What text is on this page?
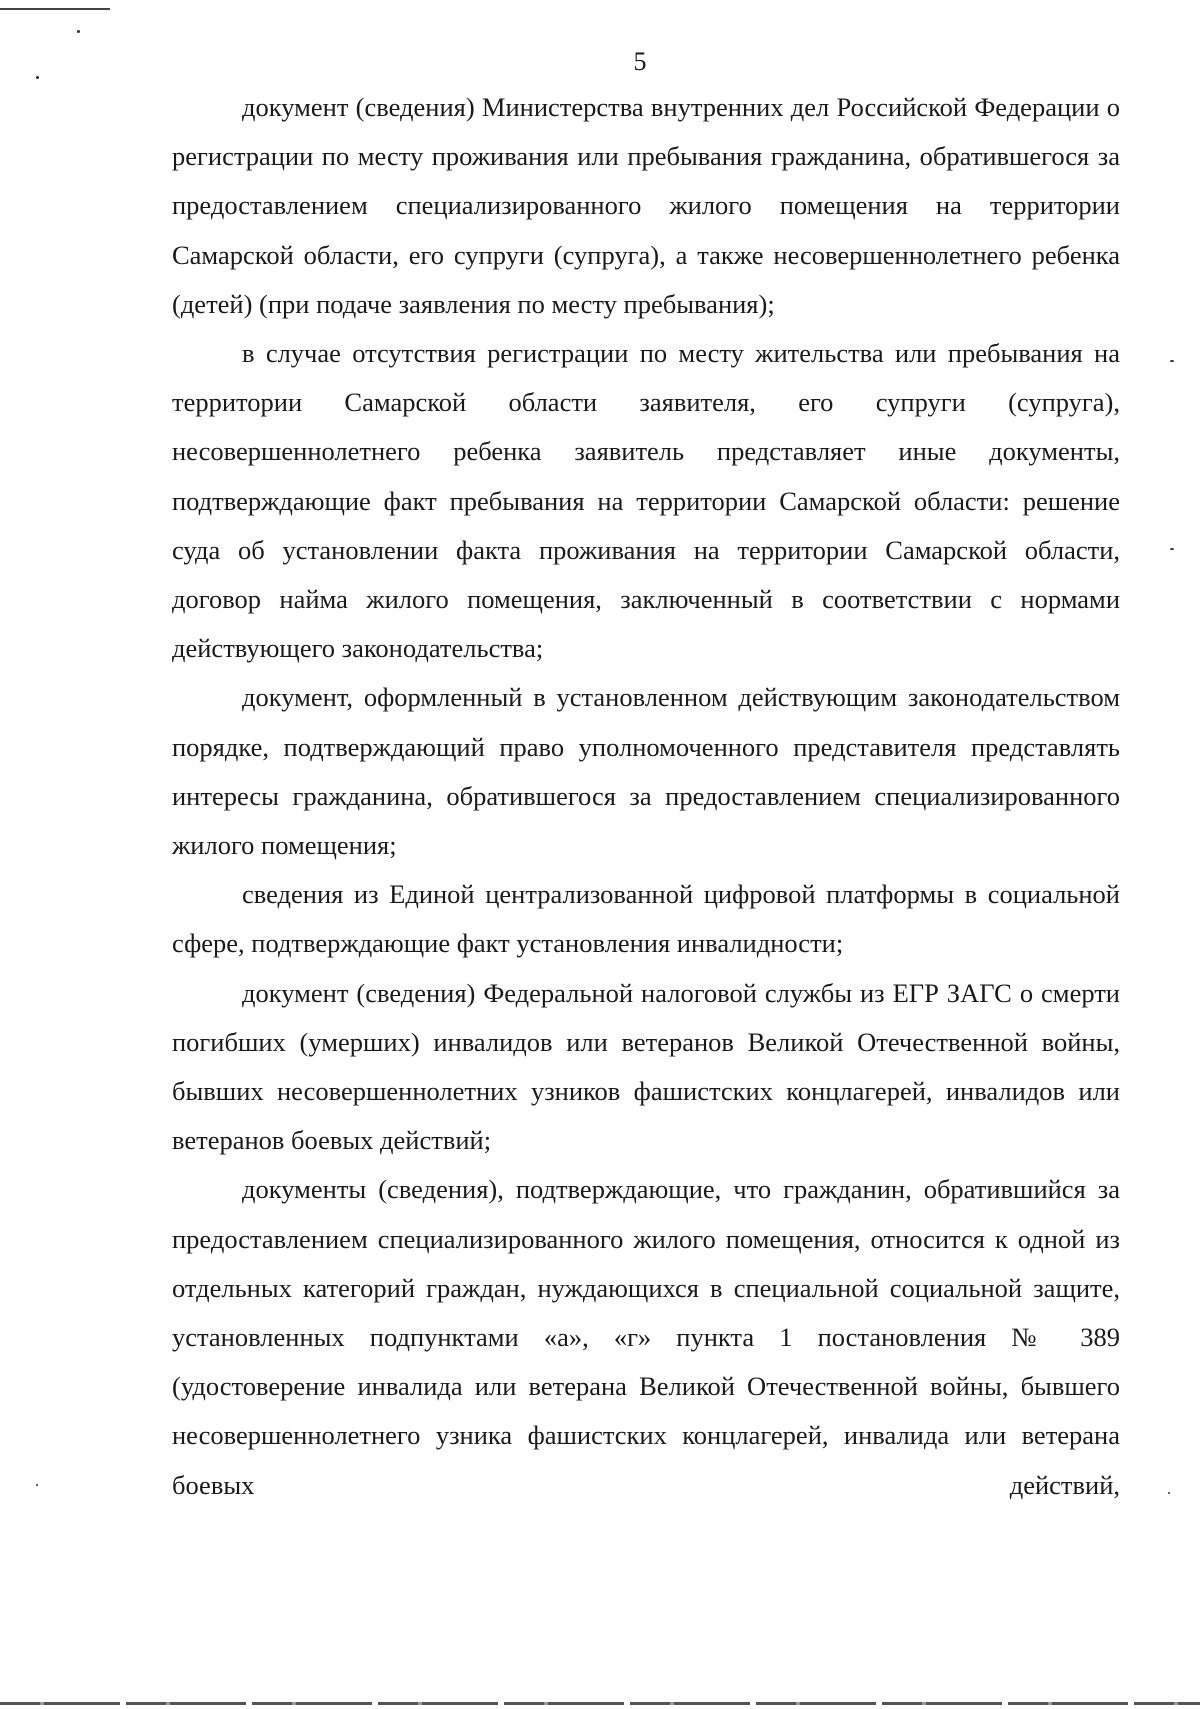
5

документ (сведения) Министерства внутренних дел Российской Федерации о регистрации по месту проживания или пребывания гражданина, обратившегося за предоставлением специализированного жилого помещения на территории Самарской области, его супруги (супруга), а также несовершеннолетнего ребенка (детей) (при подаче заявления по месту пребывания);

в случае отсутствия регистрации по месту жительства или пребывания на территории Самарской области заявителя, его супруги (супруга), несовершеннолетнего ребенка заявитель представляет иные документы, подтверждающие факт пребывания на территории Самарской области: решение суда об установлении факта проживания на территории Самарской области, договор найма жилого помещения, заключенный в соответствии с нормами действующего законодательства;

документ, оформленный в установленном действующим законодательством порядке, подтверждающий право уполномоченного представителя представлять интересы гражданина, обратившегося за предоставлением специализированного жилого помещения;

сведения из Единой централизованной цифровой платформы в социальной сфере, подтверждающие факт установления инвалидности;

документ (сведения) Федеральной налоговой службы из ЕГР ЗАГС о смерти погибших (умерших) инвалидов или ветеранов Великой Отечественной войны, бывших несовершеннолетних узников фашистских концлагерей, инвалидов или ветеранов боевых действий;

документы (сведения), подтверждающие, что гражданин, обратившийся за предоставлением специализированного жилого помещения, относится к одной из отдельных категорий граждан, нуждающихся в специальной социальной защите, установленных подпунктами «а», «г» пункта 1 постановления № 389 (удостоверение инвалида или ветерана Великой Отечественной войны, бывшего несовершеннолетнего узника фашистских концлагерей, инвалида или ветерана боевых действий,
